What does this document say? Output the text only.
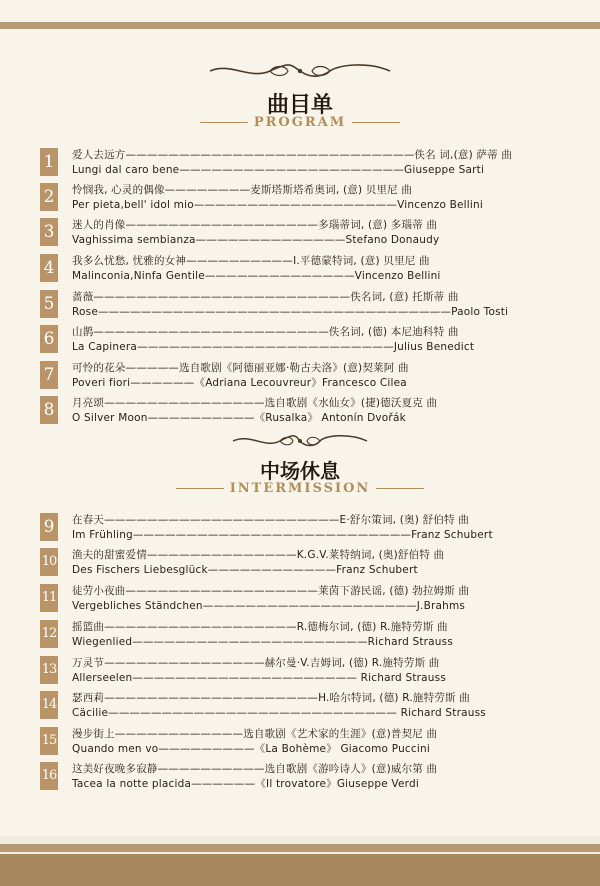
曲目单
PROGRAM
1	爱人去远方———————————————————————————佚名 词,(意) 萨蒂 曲
Lungi dal caro bene—————————————————————Giuseppe Sarti
2	怜悯我, 心灵的偶像————————麦斯塔斯塔希奥词, (意) 贝里尼 曲
Per pieta,bell' idol mio———————————————————Vincenzo Bellini
3	迷人的肖像——————————————————多瑙蒂词, (意) 多瑙蒂 曲
Vaghissima sembianza——————————————Stefano Donaudy
4	我多么忧愁, 忧雅的女神——————————I.平德蒙特词, (意) 贝里尼 曲
Malinconia,Ninfa Gentile——————————————Vincenzo Bellini
5	蔷薇————————————————————————佚名词, (意) 托斯蒂 曲
Rose—————————————————————————————————Paolo Tosti
6	山鹊——————————————————————佚名词, (德) 本尼迪科特 曲
La Capinera————————————————————————Julius Benedict
7	可怜的花朵—————选自歌剧《阿德丽亚娜·勒古夫洛》(意)契莱阿 曲
Poveri fiori——————《Adriana Lecouvreur》Francesco Cilea
8	月亮颂———————————————选自歌剧《水仙女》(捷)德沃夏克 曲
O Silver Moon——————————《Rusalka》 Antonín Dvořák
中场休息
INTERMISSION
9	在春天——————————————————————E·舒尔策词, (奥) 舒伯特 曲
Im Frühling——————————————————————————Franz Schubert
10 渔夫的甜蜜爱情——————————————K.G.V.莱特纳词, (奥)舒伯特 曲
Des Fischers Liebesglück————————————Franz Schubert
11 徒劳小夜曲——————————————————莱茵下游民谣, (德) 勃拉姆斯 曲
Vergebliches Ständchen————————————————————J.Brahms
12 摇篮曲——————————————————R.德梅尔词, (德) R.施特劳斯 曲
Wiegenlied——————————————————————Richard Strauss
13 万灵节———————————————赫尔曼·V.吉姆词, (德) R.施特劳斯 曲
Allerseelen————————————————————— Richard Strauss
14 瑟西莉————————————————————H.哈尔特词, (德) R.施特劳斯 曲
Cäcilie——————————————————————————— Richard Strauss
15 漫步街上————————————选自歌剧《艺术家的生涯》(意)普契尼 曲
Quando men vo—————————《La Bohème》 Giacomo Puccini
16 这美好夜晚多寂静——————————选自歌剧《游吟诗人》(意)威尔第 曲
Tacea la notte placida——————《Il trovatore》Giuseppe Verdi
